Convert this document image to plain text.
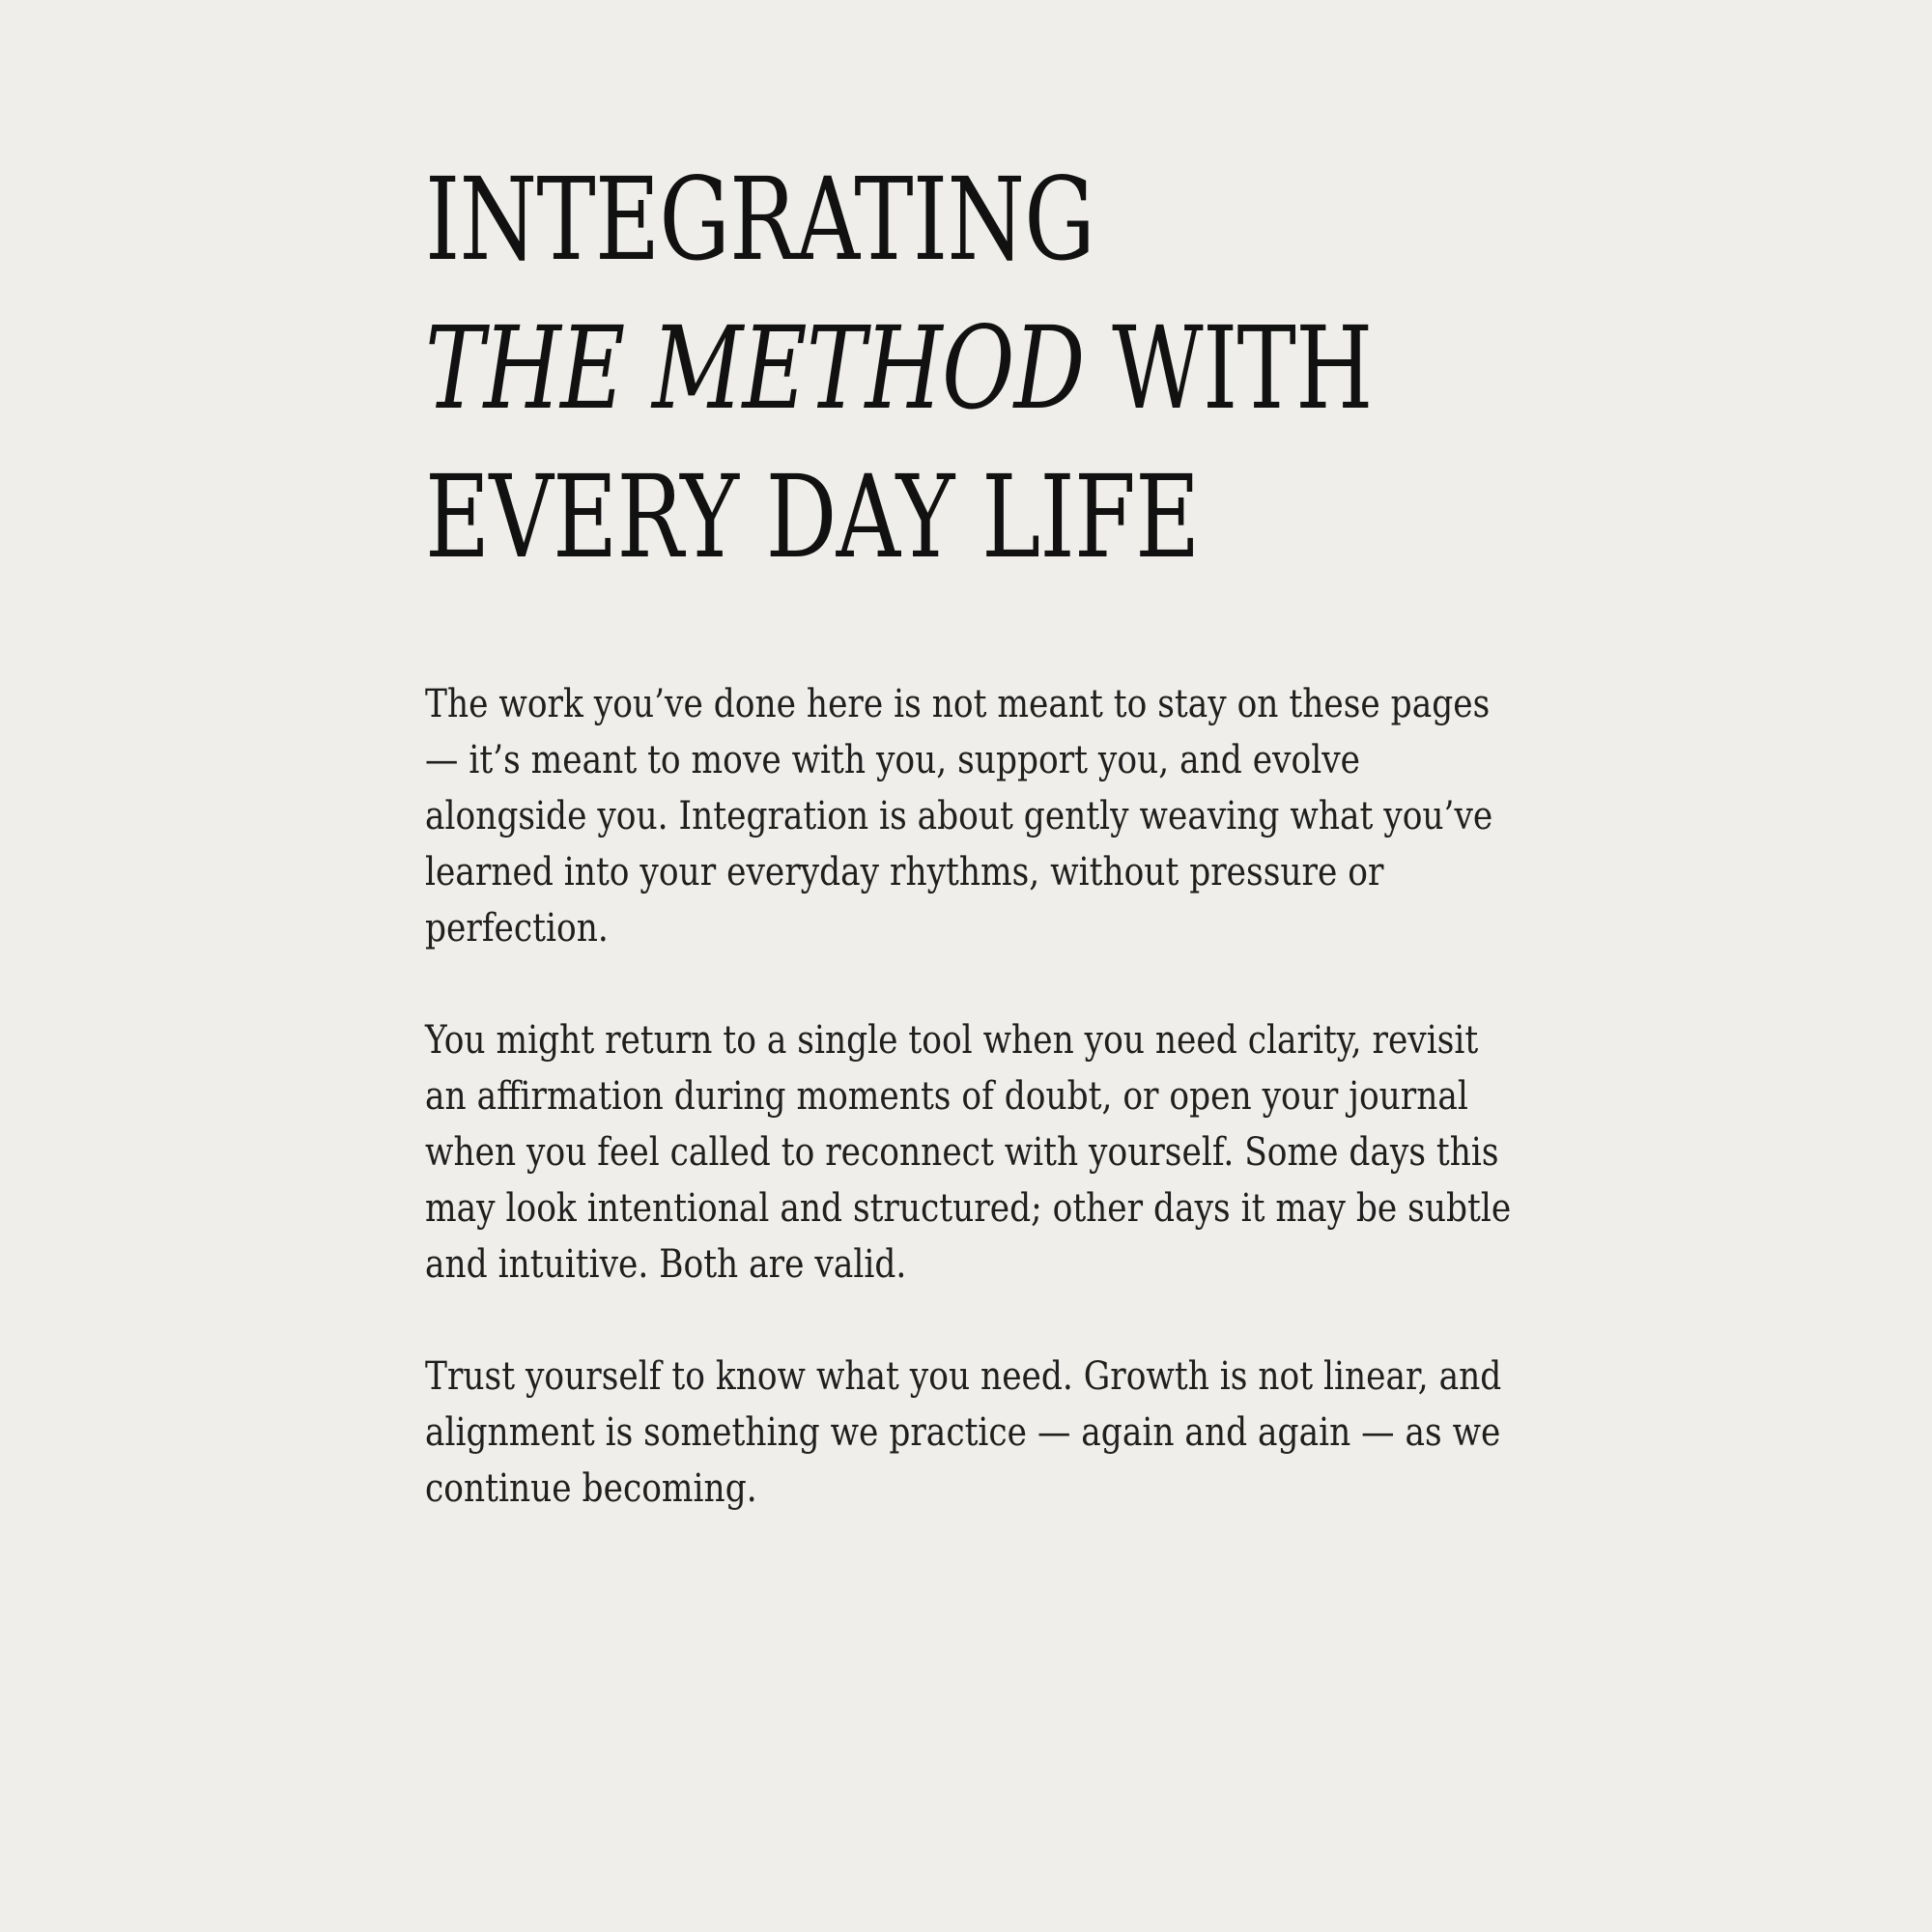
INTEGRATING
THE METHOD WITH
EVERY DAY LIFE

The work you’ve done here is not meant to stay on these pages — it’s meant to move with you, support you, and evolve alongside you. Integration is about gently weaving what you’ve learned into your everyday rhythms, without pressure or perfection.

You might return to a single tool when you need clarity, revisit an affirmation during moments of doubt, or open your journal when you feel called to reconnect with yourself. Some days this may look intentional and structured; other days it may be subtle and intuitive. Both are valid.

Trust yourself to know what you need. Growth is not linear, and alignment is something we practice — again and again — as we continue becoming.
